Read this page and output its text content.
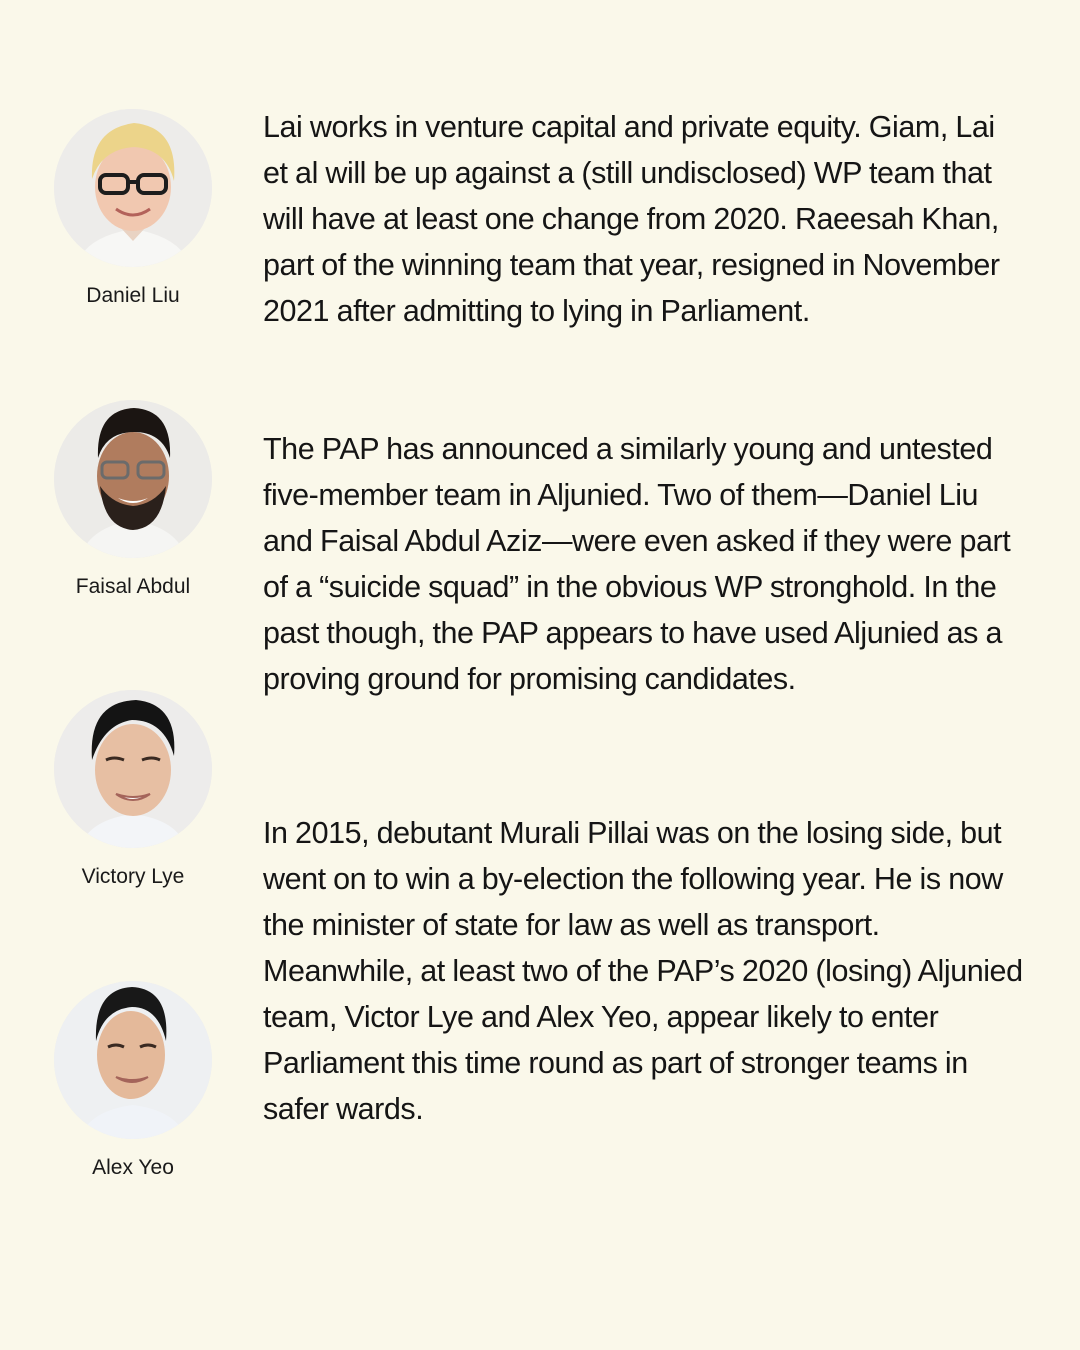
Daniel Liu
Faisal Abdul
Victory Lye
Alex Yeo

Lai works in venture capital and private equity. Giam, Lai et al will be up against a (still undisclosed) WP team that will have at least one change from 2020. Raeesah Khan, part of the winning team that year, resigned in November 2021 after admitting to lying in Parliament.

The PAP has announced a similarly young and untested five-member team in Aljunied. Two of them—Daniel Liu and Faisal Abdul Aziz—were even asked if they were part of a “suicide squad” in the obvious WP stronghold. In the past though, the PAP appears to have used Aljunied as a proving ground for promising candidates.

In 2015, debutant Murali Pillai was on the losing side, but went on to win a by-election the following year. He is now the minister of state for law as well as transport. Meanwhile, at least two of the PAP’s 2020 (losing) Aljunied team, Victor Lye and Alex Yeo, appear likely to enter Parliament this time round as part of stronger teams in safer wards.
